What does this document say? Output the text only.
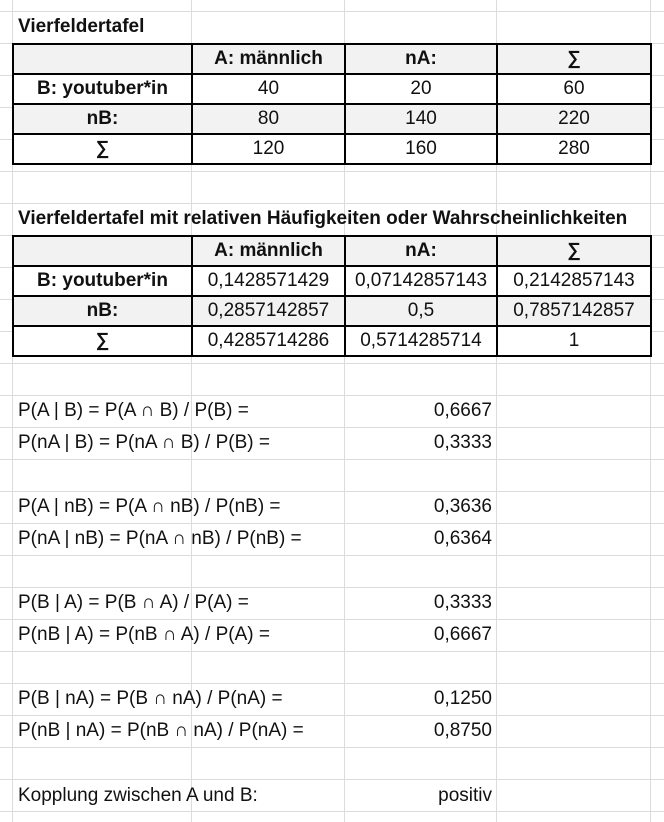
Vierfeldertafel
	A: männlich	nA:	∑
B: youtuber*in	40	20	60
nB:	80	140	220
∑	120	160	280
Vierfeldertafel mit relativen Häufigkeiten oder Wahrscheinlichkeiten
	A: männlich	nA:	∑
B: youtuber*in	0,1428571429	0,07142857143	0,2142857143
nB:	0,2857142857	0,5	0,7857142857
∑	0,4285714286	0,5714285714	1
P(A | B) = P(A ∩ B) / P(B) =	0,6667
P(nA | B) = P(nA ∩ B) / P(B) =	0,3333
P(A | nB) = P(A ∩ nB) / P(nB) =	0,3636
P(nA | nB) = P(nA ∩ nB) / P(nB) =	0,6364
P(B | A) = P(B ∩ A) / P(A) =	0,3333
P(nB | A) = P(nB ∩ A) / P(A) =	0,6667
P(B | nA) = P(B ∩ nA) / P(nA) =	0,1250
P(nB | nA) = P(nB ∩ nA) / P(nA) =	0,8750
Kopplung zwischen A und B:	positiv
